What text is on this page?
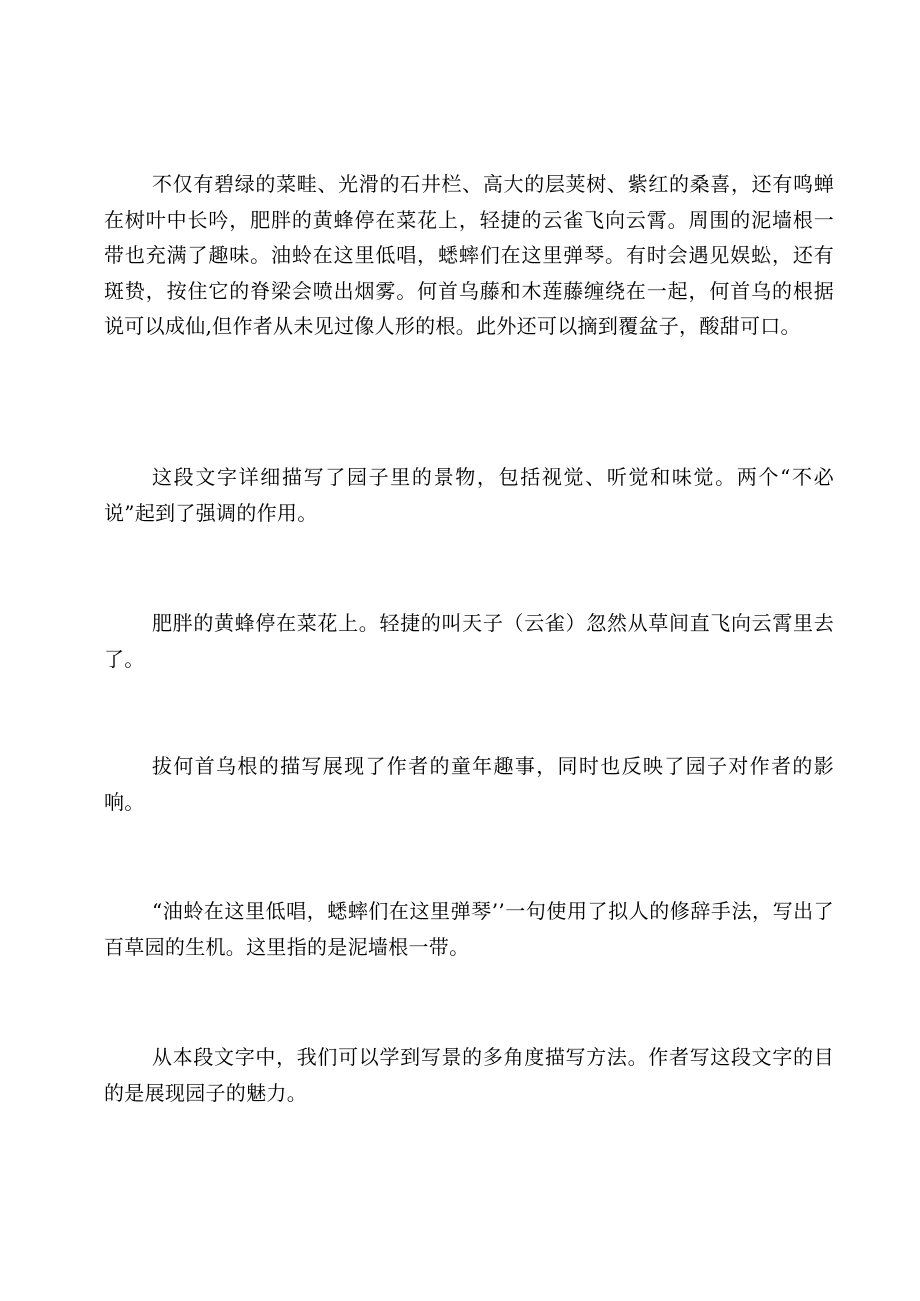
不仅有碧绿的菜畦、光滑的石井栏、高大的层荚树、紫红的桑喜，还有鸣蝉在树叶中长吟，肥胖的黄蜂停在菜花上，轻捷的云雀飞向云霄。周围的泥墙根一带也充满了趣味。油蛉在这里低唱，蟋蟀们在这里弹琴。有时会遇见娱蚣，还有斑贽，按住它的脊梁会喷出烟雾。何首乌藤和木莲藤缠绕在一起，何首乌的根据说可以成仙,但作者从未见过像人形的根。此外还可以摘到覆盆子，酸甜可口。

这段文字详细描写了园子里的景物，包括视觉、听觉和味觉。两个“不必说”起到了强调的作用。

肥胖的黄蜂停在菜花上。轻捷的叫天子（云雀）忽然从草间直飞向云霄里去了。

拔何首乌根的描写展现了作者的童年趣事，同时也反映了园子对作者的影响。

“油蛉在这里低唱，蟋蟀们在这里弹琴’’一句使用了拟人的修辞手法，写出了百草园的生机。这里指的是泥墙根一带。

从本段文字中，我们可以学到写景的多角度描写方法。作者写这段文字的目的是展现园子的魅力。
